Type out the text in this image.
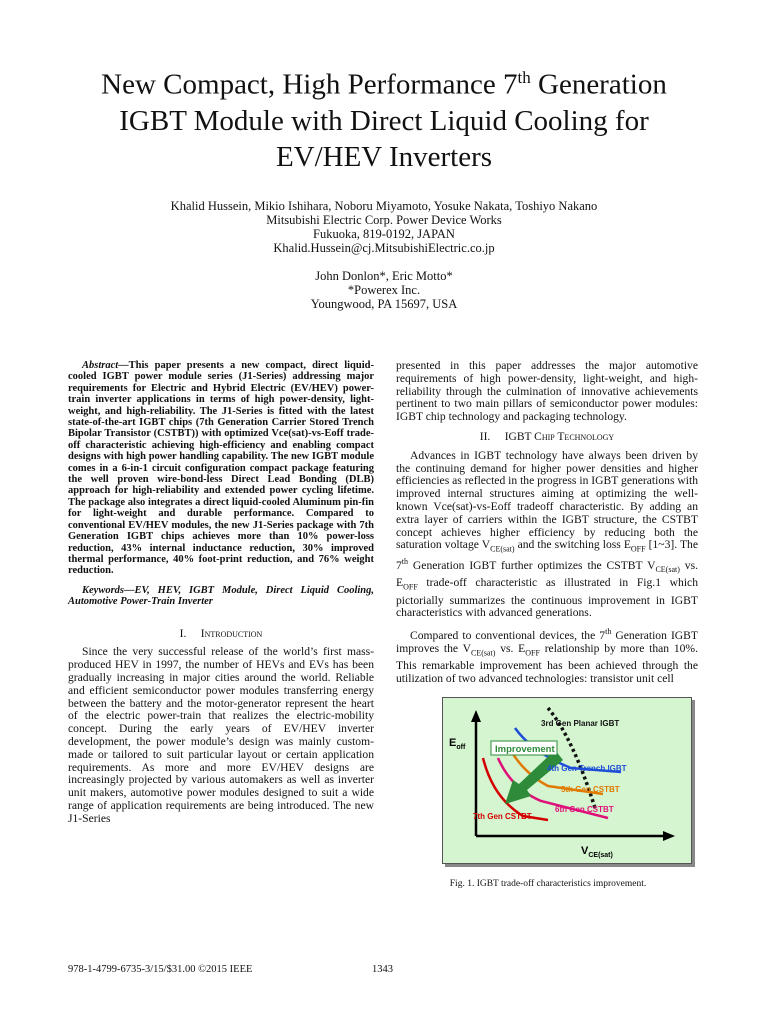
New Compact, High Performance 7th Generation
IGBT Module with Direct Liquid Cooling for
EV/HEV Inverters
Khalid Hussein, Mikio Ishihara, Noboru Miyamoto, Yosuke Nakata, Toshiyo Nakano
Mitsubishi Electric Corp. Power Device Works
Fukuoka, 819-0192, JAPAN
Khalid.Hussein@cj.MitsubishiElectric.co.jp
John Donlon*, Eric Motto*
*Powerex Inc.
Youngwood, PA 15697, USA

Abstract—This paper presents a new compact, direct liquid-cooled IGBT power module series (J1-Series) addressing major requirements for Electric and Hybrid Electric (EV/HEV) power-train inverter applications in terms of high power-density, light-weight, and high-reliability. The J1-Series is fitted with the latest state-of-the-art IGBT chips (7th Generation Carrier Stored Trench Bipolar Transistor (CSTBT)) with optimized Vce(sat)-vs-Eoff trade-off characteristic achieving high-efficiency and enabling compact designs with high power handling capability. The new IGBT module comes in a 6-in-1 circuit configuration compact package featuring the well proven wire-bond-less Direct Lead Bonding (DLB) approach for high-reliability and extended power cycling lifetime. The package also integrates a direct liquid-cooled Aluminum pin-fin for light-weight and durable performance. Compared to conventional EV/HEV modules, the new J1-Series package with 7th Generation IGBT chips achieves more than 10% power-loss reduction, 43% internal inductance reduction, 30% improved thermal performance, 40% foot-print reduction, and 76% weight reduction.

Keywords—EV, HEV, IGBT Module, Direct Liquid Cooling, Automotive Power-Train Inverter

I. Introduction

Since the very successful release of the world’s first mass-produced HEV in 1997, the number of HEVs and EVs has been gradually increasing in major cities around the world. Reliable and efficient semiconductor power modules transferring energy between the battery and the motor-generator represent the heart of the electric power-train that realizes the electric-mobility concept. During the early years of EV/HEV inverter development, the power module’s design was mainly custom-made or tailored to suit particular layout or certain application requirements. As more and more EV/HEV designs are increasingly projected by various automakers as well as inverter unit makers, automotive power modules designed to suit a wide range of application requirements are being introduced. The new J1-Series

presented in this paper addresses the major automotive requirements of high power-density, light-weight, and high-reliability through the culmination of innovative achievements pertinent to two main pillars of semiconductor power modules: IGBT chip technology and packaging technology.

II. IGBT Chip Technology

Advances in IGBT technology have always been driven by the continuing demand for higher power densities and higher efficiencies as reflected in the progress in IGBT generations with improved internal structures aiming at optimizing the well-known Vce(sat)-vs-Eoff tradeoff characteristic. By adding an extra layer of carriers within the IGBT structure, the CSTBT concept achieves higher efficiency by reducing both the saturation voltage $V_{CE(sat)}$ and the switching loss $E_{OFF}$ [1~3]. The 7th Generation IGBT further optimizes the CSTBT $V_{CE(sat)}$ vs. $E_{OFF}$ trade-off characteristic as illustrated in Fig.1 which pictorially summarizes the continuous improvement in IGBT characteristics with advanced generations.

Compared to conventional devices, the 7th Generation IGBT improves the $V_{CE(sat)}$ vs. $E_{OFF}$ relationship by more than 10%. This remarkable improvement has been achieved through the utilization of two advanced technologies: transistor unit cell

Improvement
$E_{off}$
$V_{CE(sat)}$
3rd Gen Planar IGBT
4th Gen Trench IGBT
5th Gen CSTBT
6th Gen CSTBT
7th Gen CSTBT
Fig. 1. IGBT trade-off characteristics improvement.
978-1-4799-6735-3/15/$31.00 ©2015 IEEE	1343
